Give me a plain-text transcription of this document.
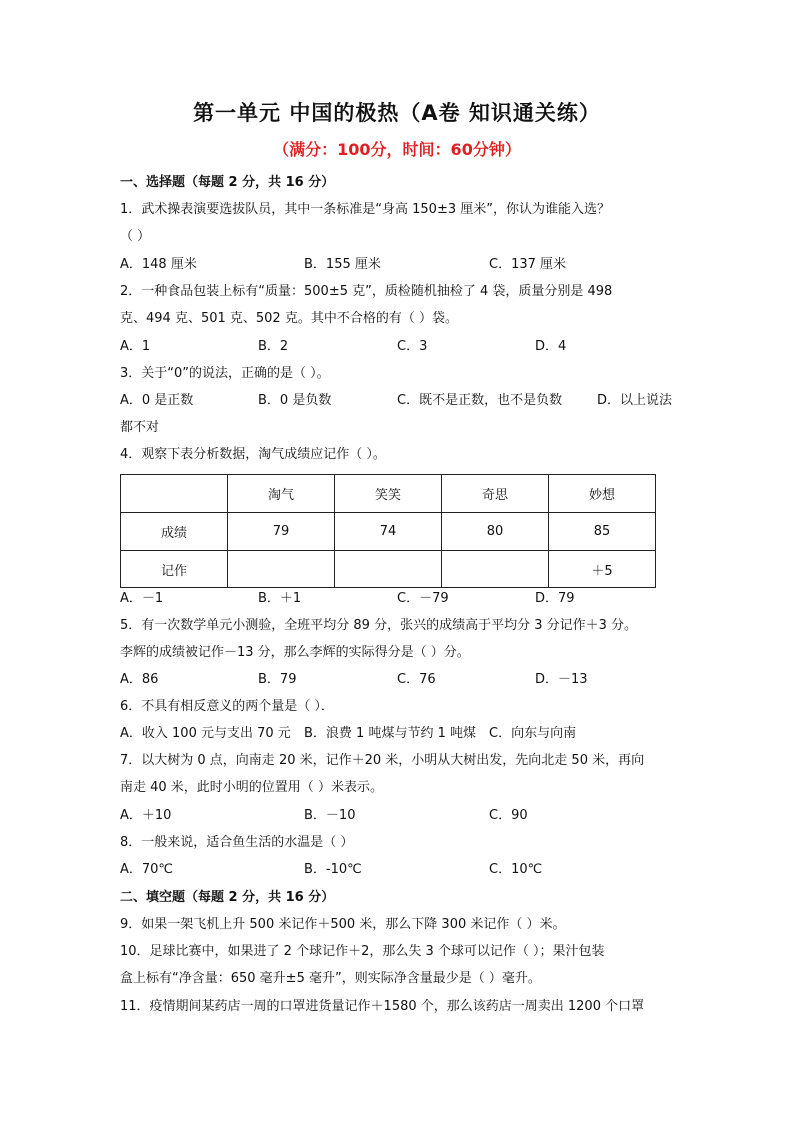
第一单元 中国的极热（A卷 知识通关练）
（满分：100分，时间：60分钟）
一、选择题（每题 2 分，共 16 分）
1．武术操表演要选拔队员，其中一条标准是“身高 150±3 厘米”，你认为谁能入选？
（ ）
A．148 厘米	B．155 厘米	C．137 厘米
2．一种食品包装上标有“质量：500±5 克”，质检随机抽检了 4 袋，质量分别是 498
克、494 克、501 克、502 克。其中不合格的有（ ）袋。
A．1	B．2	C．3	D．4
3．关于“0”的说法，正确的是（ ）。
A．0 是正数	B．0 是负数	C．既不是正数，也不是负数	D．以上说法
都不对
4．观察下表分析数据，淘气成绩应记作（ ）。
	淘气	笑笑	奇思	妙想
成绩	79	74	80	85
记作				＋5
A．－1	B．＋1	C．－79	D．79
5．有一次数学单元小测验，全班平均分 89 分，张兴的成绩高于平均分 3 分记作＋3 分。
李辉的成绩被记作－13 分，那么李辉的实际得分是（ ）分。
A．86	B．79	C．76	D．－13
6．不具有相反意义的两个量是（ ）．
A．收入 100 元与支出 70 元 B．浪费 1 吨煤与节约 1 吨煤 C．向东与向南
7．以大树为 0 点，向南走 20 米，记作＋20 米，小明从大树出发，先向北走 50 米，再向
南走 40 米，此时小明的位置用（ ）米表示。
A．＋10	B．－10	C．90
8．一般来说，适合鱼生活的水温是（ ）
A．70℃	B．-10℃	C．10℃
二、填空题（每题 2 分，共 16 分）
9．如果一架飞机上升 500 米记作＋500 米，那么下降 300 米记作（ ）米。
10．足球比赛中，如果进了 2 个球记作＋2，那么失 3 个球可以记作（ ）；果汁包装
盒上标有“净含量：650 毫升±5 毫升”，则实际净含量最少是（ ）毫升。
11．疫情期间某药店一周的口罩进货量记作＋1580 个，那么该药店一周卖出 1200 个口罩
